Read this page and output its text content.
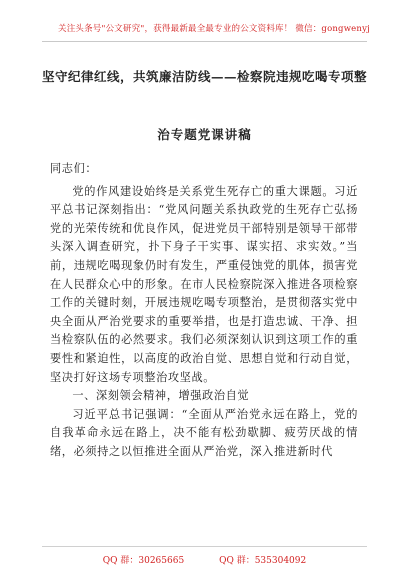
关注头条号"公文研究"，获得最新最全最专业的公文资料库！ 微信：gongwenyj
坚守纪律红线，共筑廉洁防线——检察院违规吃喝专项整
治专题党课讲稿

同志们：

党的作风建设始终是关系党生死存亡的重大课题。习近平总书记深刻指出：“党风问题关系执政党的生死存亡弘扬党的光荣传统和优良作风，促进党员干部特别是领导干部带头深入调查研究，扑下身子干实事、谋实招、求实效。”当前，违规吃喝现象仍时有发生，严重侵蚀党的肌体，损害党在人民群众心中的形象。在市人民检察院深入推进各项检察工作的关键时刻，开展违规吃喝专项整治，是贯彻落实党中央全面从严治党要求的重要举措，也是打造忠诚、干净、担当检察队伍的必然要求。我们必须深刻认识到这项工作的重要性和紧迫性，以高度的政治自觉、思想自觉和行动自觉，坚决打好这场专项整治攻坚战。

一、深刻领会精神，增强政治自觉

习近平总书记强调：“全面从严治党永远在路上，党的自我革命永远在路上，决不能有松劲歇脚、疲劳厌战的情绪，必须持之以恒推进全面从严治党，深入推进新时代

QQ 群：30265665	QQ 群：535304092
